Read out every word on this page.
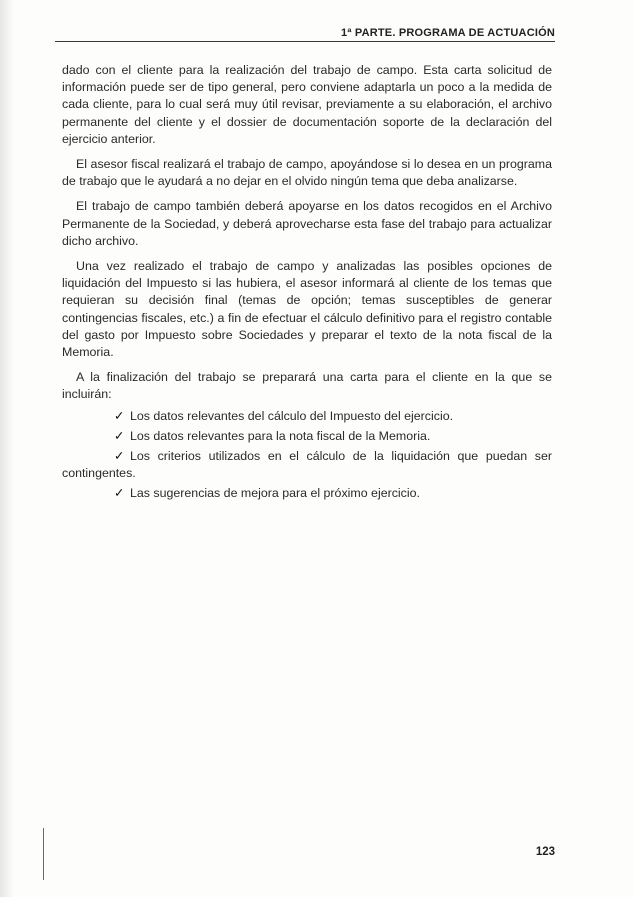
1ª PARTE. PROGRAMA DE ACTUACIÓN

dado con el cliente para la realización del trabajo de campo. Esta carta solicitud de información puede ser de tipo general, pero conviene adaptarla un poco a la medida de cada cliente, para lo cual será muy útil revisar, previamente a su elaboración, el archivo permanente del cliente y el dossier de documentación soporte de la declaración del ejercicio anterior.

El asesor fiscal realizará el trabajo de campo, apoyándose si lo desea en un programa de trabajo que le ayudará a no dejar en el olvido ningún tema que deba analizarse.

El trabajo de campo también deberá apoyarse en los datos recogidos en el Archivo Permanente de la Sociedad, y deberá aprovecharse esta fase del trabajo para actualizar dicho archivo.

Una vez realizado el trabajo de campo y analizadas las posibles opciones de liquidación del Impuesto si las hubiera, el asesor informará al cliente de los temas que requieran su decisión final (temas de opción; temas susceptibles de generar contingencias fiscales, etc.) a fin de efectuar el cálculo definitivo para el registro contable del gasto por Impuesto sobre Sociedades y preparar el texto de la nota fiscal de la Memoria.

A la finalización del trabajo se preparará una carta para el cliente en la que se incluirán:

✓ Los datos relevantes del cálculo del Impuesto del ejercicio.
✓ Los datos relevantes para la nota fiscal de la Memoria.
✓ Los criterios utilizados en el cálculo de la liquidación que puedan ser contingentes.
✓ Las sugerencias de mejora para el próximo ejercicio.
123
